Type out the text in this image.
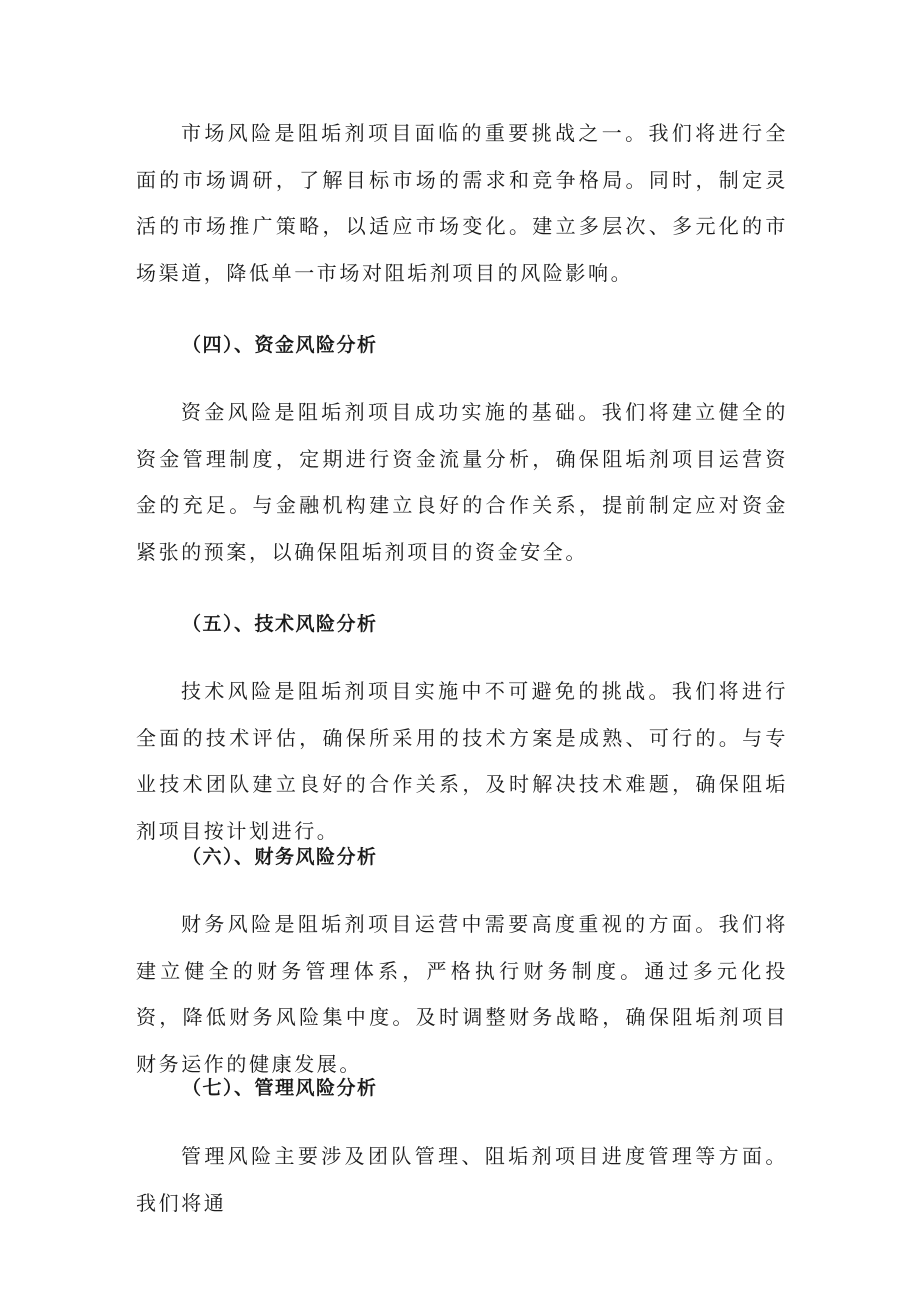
市场风险是阻垢剂项目面临的重要挑战之一。我们将进行全面的市场调研，了解目标市场的需求和竞争格局。同时，制定灵活的市场推广策略，以适应市场变化。建立多层次、多元化的市场渠道，降低单一市场对阻垢剂项目的风险影响。

（四）、资金风险分析

资金风险是阻垢剂项目成功实施的基础。我们将建立健全的资金管理制度，定期进行资金流量分析，确保阻垢剂项目运营资金的充足。与金融机构建立良好的合作关系，提前制定应对资金紧张的预案，以确保阻垢剂项目的资金安全。

（五）、技术风险分析

技术风险是阻垢剂项目实施中不可避免的挑战。我们将进行全面的技术评估，确保所采用的技术方案是成熟、可行的。与专业技术团队建立良好的合作关系，及时解决技术难题，确保阻垢剂项目按计划进行。

（六）、财务风险分析

财务风险是阻垢剂项目运营中需要高度重视的方面。我们将建立健全的财务管理体系，严格执行财务制度。通过多元化投资，降低财务风险集中度。及时调整财务战略，确保阻垢剂项目财务运作的健康发展。

（七）、管理风险分析

管理风险主要涉及团队管理、阻垢剂项目进度管理等方面。我们将通
